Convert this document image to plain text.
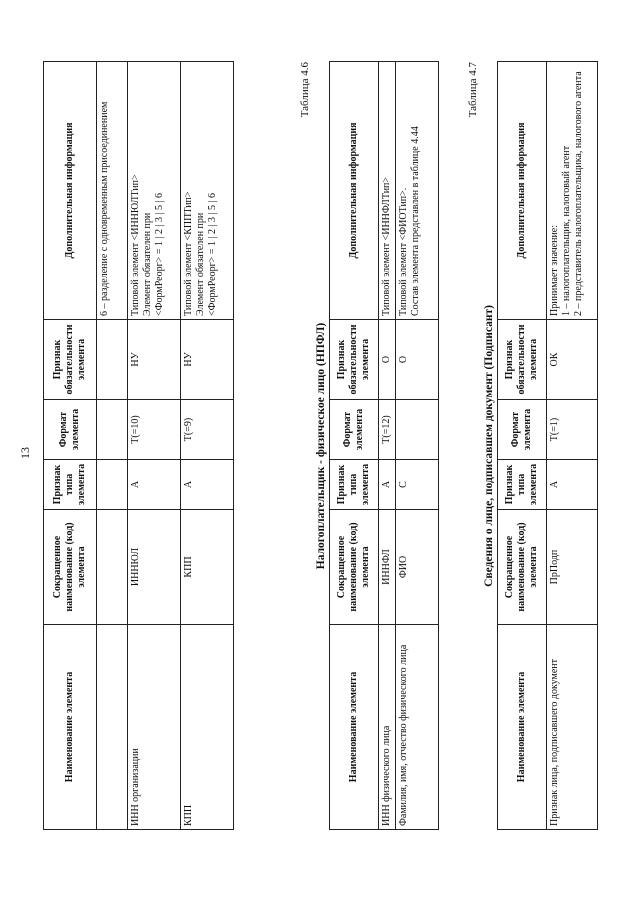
13
Наименование элемента	Сокращенное наименование (код) элемента	Признак типа элемента	Формат элемента	Признак обязательности элемента	Дополнительная информация
					6 – разделение с одновременным присоединением
ИНН организации	ИННЮЛ	А	T(=10)	НУ	Типовой элемент <ИННЮЛТип>
Элемент обязателен при
<ФормРеорг> = 1 | 2 | 3 | 5 | 6
КПП	КПП	А	T(=9)	НУ	Типовой элемент <КППТип>
Элемент обязателен при
<ФормРеорг> = 1 | 2 | 3 | 5 | 6
Таблица 4.6
Налогоплательщик - физическое лицо (НПФЛ)
Наименование элемента	Сокращенное наименование (код) элемента	Признак типа элемента	Формат элемента	Признак обязательности элемента	Дополнительная информация
ИНН физического лица	ИННФЛ	А	T(=12)	О	Типовой элемент <ИННФЛТип>
Фамилия, имя, отчество физического лица	ФИО	С		О	Типовой элемент <ФИОТип>.
Состав элемента представлен в таблице 4.44
Таблица 4.7
Сведения о лице, подписавшем документ (Подписант)
Наименование элемента	Сокращенное наименование (код) элемента	Признак типа элемента	Формат элемента	Признак обязательности элемента	Дополнительная информация
Признак лица, подписавшего документ	ПрПодп	А	T(=1)	ОК	Принимает значение:
1 – налогоплательщик, налоговый агент
2 – представитель налогоплательщика, налогового агента
